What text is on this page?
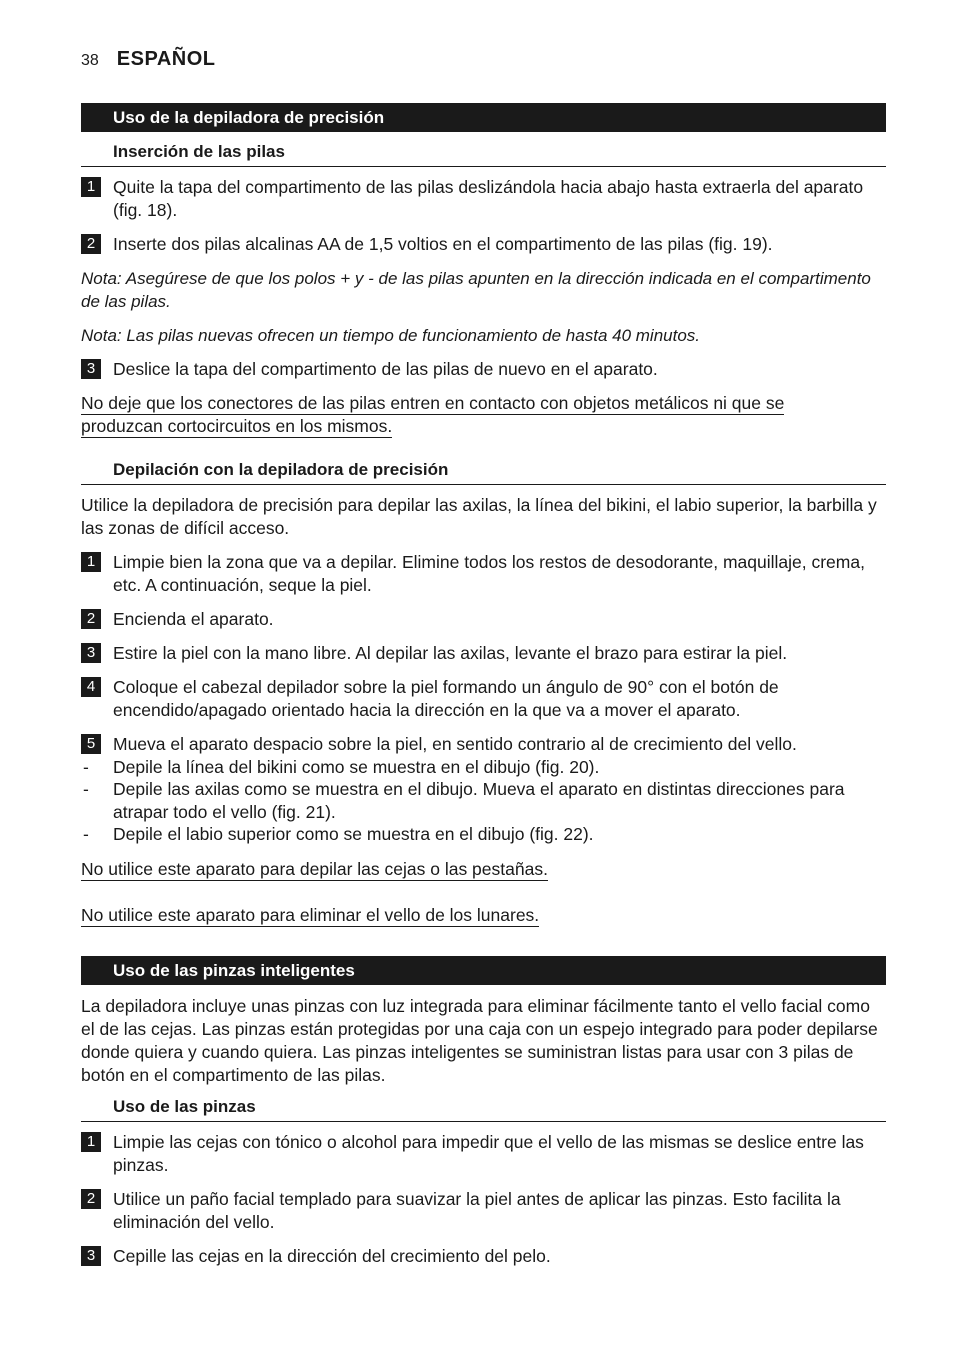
38 ESPAÑOL
Uso de la depiladora de precisión
Inserción de las pilas
1	Quite la tapa del compartimento de las pilas deslizándola hacia abajo hasta extraerla del aparato (fig. 18).
2	Inserte dos pilas alcalinas AA de 1,5 voltios en el compartimento de las pilas (fig. 19).
Nota: Asegúrese de que los polos + y - de las pilas apunten en la dirección indicada en el compartimento de las pilas.
Nota: Las pilas nuevas ofrecen un tiempo de funcionamiento de hasta 40 minutos.
3	Deslice la tapa del compartimento de las pilas de nuevo en el aparato.
No deje que los conectores de las pilas entren en contacto con objetos metálicos ni que se produzcan cortocircuitos en los mismos.
Depilación con la depiladora de precisión
Utilice la depiladora de precisión para depilar las axilas, la línea del bikini, el labio superior, la barbilla y las zonas de difícil acceso.
1	Limpie bien la zona que va a depilar. Elimine todos los restos de desodorante, maquillaje, crema, etc. A continuación, seque la piel.
2	Encienda el aparato.
3	Estire la piel con la mano libre. Al depilar las axilas, levante el brazo para estirar la piel.
4	Coloque el cabezal depilador sobre la piel formando un ángulo de 90° con el botón de encendido/apagado orientado hacia la dirección en la que va a mover el aparato.
5	Mueva el aparato despacio sobre la piel, en sentido contrario al de crecimiento del vello.
-	Depile la línea del bikini como se muestra en el dibujo (fig. 20).
-	Depile las axilas como se muestra en el dibujo. Mueva el aparato en distintas direcciones para atrapar todo el vello (fig. 21).
-	Depile el labio superior como se muestra en el dibujo (fig. 22).
No utilice este aparato para depilar las cejas o las pestañas.
No utilice este aparato para eliminar el vello de los lunares.
Uso de las pinzas inteligentes
La depiladora incluye unas pinzas con luz integrada para eliminar fácilmente tanto el vello facial como el de las cejas. Las pinzas están protegidas por una caja con un espejo integrado para poder depilarse donde quiera y cuando quiera. Las pinzas inteligentes se suministran listas para usar con 3 pilas de botón en el compartimento de las pilas.
Uso de las pinzas
1	Limpie las cejas con tónico o alcohol para impedir que el vello de las mismas se deslice entre las pinzas.
2	Utilice un paño facial templado para suavizar la piel antes de aplicar las pinzas. Esto facilita la eliminación del vello.
3	Cepille las cejas en la dirección del crecimiento del pelo.
